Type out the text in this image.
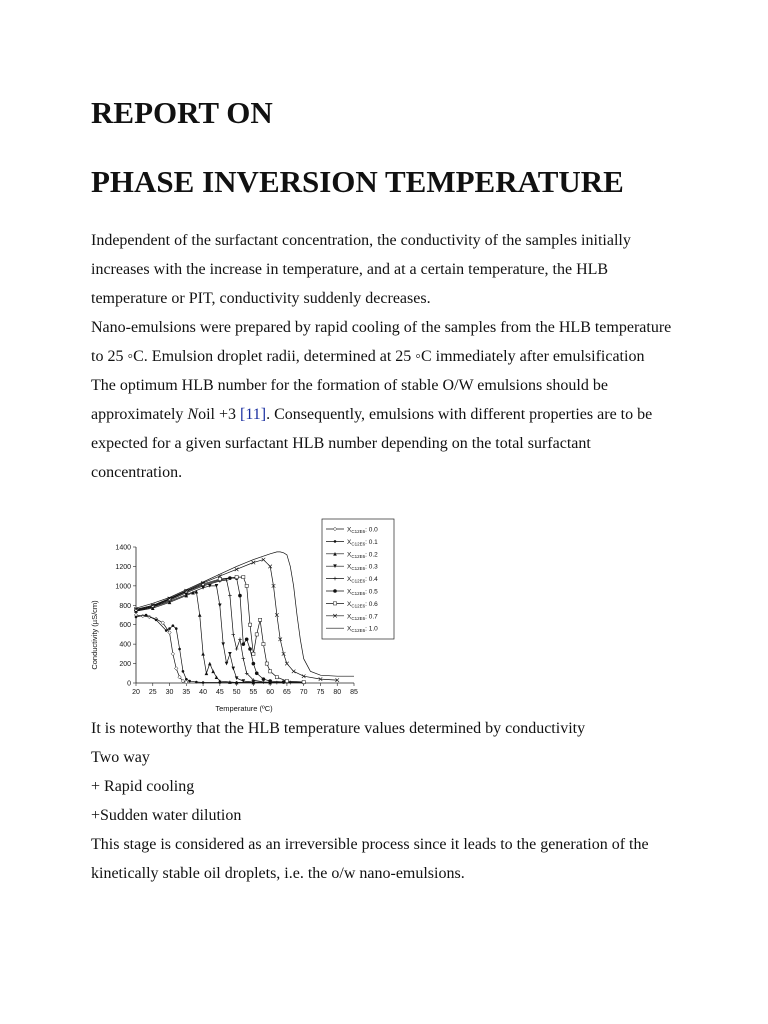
REPORT ON
PHASE INVERSION TEMPERATURE

Independent of the surfactant concentration, the conductivity of the samples initially increases with the increase in temperature, and at a certain temperature, the HLB temperature or PIT, conductivity suddenly decreases.

Nano-emulsions were prepared by rapid cooling of the samples from the HLB temperature to 25 ◦C. Emulsion droplet radii, determined at 25 ◦C immediately after emulsification

The optimum HLB number for the formation of stable O/W emulsions should be approximately Noil +3 [11]. Consequently, emulsions with different properties are to be expected for a given surfactant HLB number depending on the total surfactant concentration.

20 25 30 35 40 45 50 55 60 65 70 75 80 85
0
200
400
600
800
1000
1200
1400
Temperature (ºC)
Conductivity (µS/cm)
$X_{C12E6}$: 0.0
$X_{C12E6}$: 0.1
$X_{C12E6}$: 0.2
$X_{C12E6}$: 0.3
$X_{C12E6}$: 0.4
$X_{C12E6}$: 0.5
$X_{C12E6}$: 0.6
$X_{C12E6}$: 0.7
$X_{C12E6}$: 1.0

It is noteworthy that the HLB temperature values determined by conductivity

Two way

+ Rapid cooling

+Sudden water dilution

This stage is considered as an irreversible process since it leads to the generation of the kinetically stable oil droplets, i.e. the o/w nano-emulsions.
